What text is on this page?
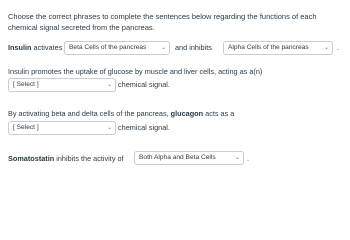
Choose the correct phrases to complete the sentences below regarding the functions of each chemical signal secreted from the pancreas.
Insulin activates	Beta Cells of the pancreas ⌄ and inhibits	Alpha Cells of the pancreas	⌄ .
Insulin promotes the uptake of glucose by muscle and liver cells, acting as a(n)
[ Select ]	⌄ chemical signal.
By activating beta and delta cells of the pancreas, glucagon acts as a
[ Select ]	⌄ chemical signal.
Somatostatin inhibits the activity of	Both Alpha and Beta Cells	⌄ .
